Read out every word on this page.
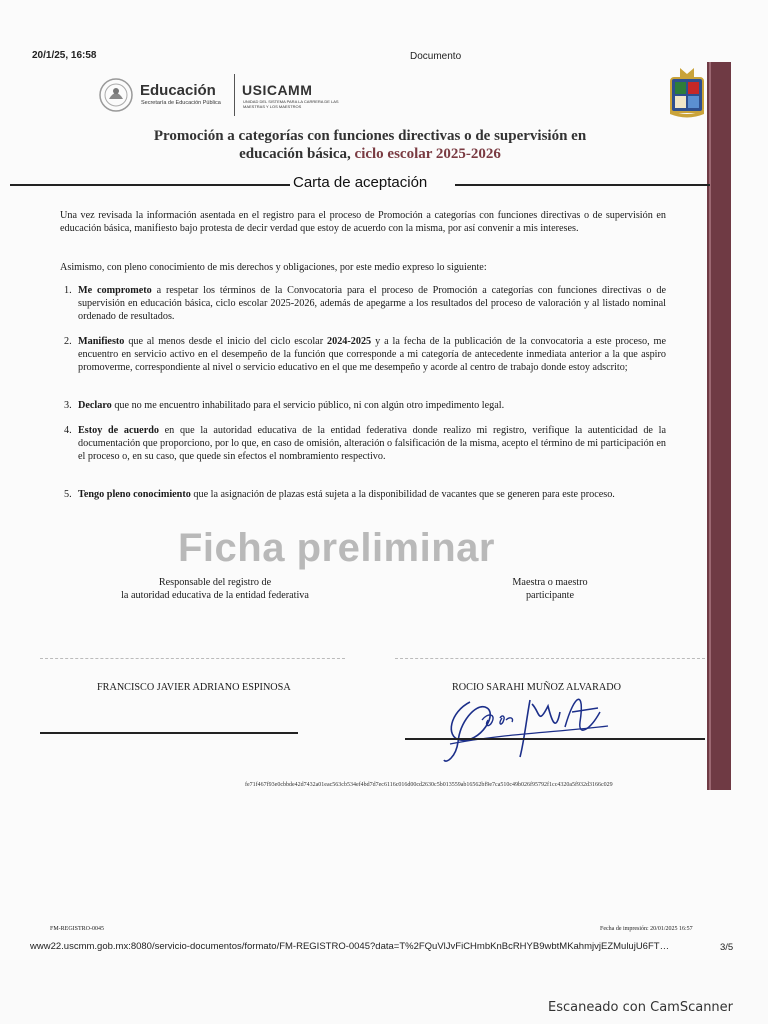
20/1/25, 16:58	Documento
Educación
Secretaría de Educación Pública
USICAMM
UNIDAD DEL SISTEMA PARA LA CARRERA DE LAS MAESTRAS Y LOS MAESTROS
Promoción a categorías con funciones directivas o de supervisión en
educación básica, ciclo escolar 2025-2026
Carta de aceptación
Una vez revisada la información asentada en el registro para el proceso de Promoción a categorías con funciones directivas o de supervisión en educación básica, manifiesto bajo protesta de decir verdad que estoy de acuerdo con la misma, por así convenir a mis intereses.
Asimismo, con pleno conocimiento de mis derechos y obligaciones, por este medio expreso lo siguiente:
1. Me comprometo a respetar los términos de la Convocatoria para el proceso de Promoción a categorías con funciones directivas o de supervisión en educación básica, ciclo escolar 2025-2026, además de apegarme a los resultados del proceso de valoración y al listado nominal ordenado de resultados.
2. Manifiesto que al menos desde el inicio del ciclo escolar 2024-2025 y a la fecha de la publicación de la convocatoria a este proceso, me encuentro en servicio activo en el desempeño de la función que corresponde a mi categoría de antecedente inmediata anterior a la que aspiro promoverme, correspondiente al nivel o servicio educativo en el que me desempeño y acorde al centro de trabajo donde estoy adscrito;
3. Declaro que no me encuentro inhabilitado para el servicio público, ni con algún otro impedimento legal.
4. Estoy de acuerdo en que la autoridad educativa de la entidad federativa donde realizo mi registro, verifique la autenticidad de la documentación que proporciono, por lo que, en caso de omisión, alteración o falsificación de la misma, acepto el término de mi participación en el proceso o, en su caso, que quede sin efectos el nombramiento respectivo.
5. Tengo pleno conocimiento que la asignación de plazas está sujeta a la disponibilidad de vacantes que se generen para este proceso.
Ficha preliminar
Responsable del registro de
la autoridad educativa de la entidad federativa
Maestra o maestro
participante
FRANCISCO JAVIER ADRIANO ESPINOSA	ROCIO SARAHI MUÑOZ ALVARADO
fe71f467f93e0cbbde42d7432a01eac563cb534ef4bd7d7ec6116c016d00cd2630c5b013559ab16562bf9e7ca510c49b026f95792f1cc4320a5f932d3166c029
FM-REGISTRO-0045	Fecha de impresión: 20/01/2025 16:57
www22.uscmm.gob.mx:8080/servicio-documentos/formato/FM-REGISTRO-0045?data=T%2FQuVlJvFiCHmbKnBcRHYB9wbtMKahmjvjEZMulujU6FT…	3/5
Escaneado con CamScanner
